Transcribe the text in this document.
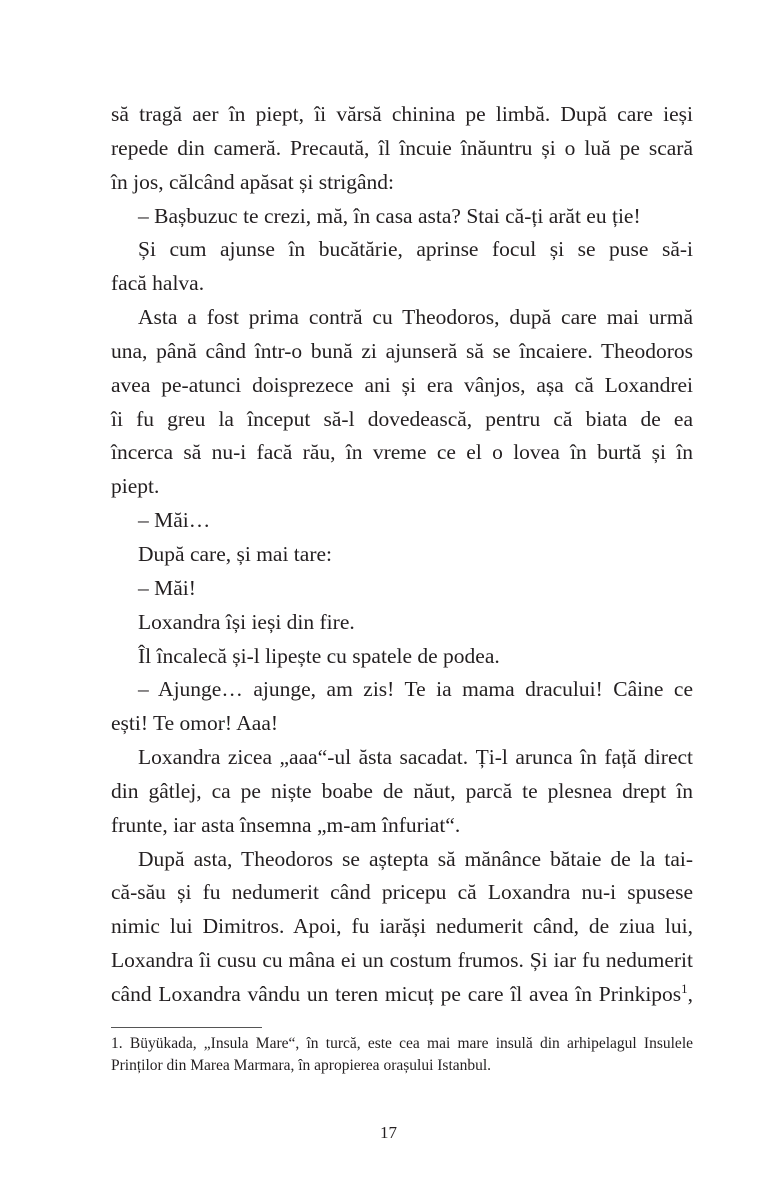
să tragă aer în piept, îi vărsă chinina pe limbă. După care ieși
repede din cameră. Precaută, îl încuie înăuntru și o luă pe scară
în jos, călcând apăsat și strigând:
– Bașbuzuc te crezi, mă, în casa asta? Stai că-ți arăt eu ție!
Și cum ajunse în bucătărie, aprinse focul și se puse să-i
facă halva.
Asta a fost prima contră cu Theodoros, după care mai urmă
una, până când într-o bună zi ajunseră să se încaiere. Theodoros
avea pe-atunci doisprezece ani și era vânjos, așa că Loxandrei
îi fu greu la început să-l dovedească, pentru că biata de ea
încerca să nu-i facă rău, în vreme ce el o lovea în burtă și în
piept.
– Măi…
După care, și mai tare:
– Măi!
Loxandra își ieși din fire.
Îl încalecă și-l lipește cu spatele de podea.
– Ajunge… ajunge, am zis! Te ia mama dracului! Câine ce
ești! Te omor! Aaa!
Loxandra zicea „aaa“-ul ăsta sacadat. Ți-l arunca în față direct
din gâtlej, ca pe niște boabe de năut, parcă te plesnea drept în
frunte, iar asta însemna „m-am înfuriat“.
După asta, Theodoros se aștepta să mănânce bătaie de la tai-
că-său și fu nedumerit când pricepu că Loxandra nu-i spusese
nimic lui Dimitros. Apoi, fu iarăși nedumerit când, de ziua lui,
Loxandra îi cusu cu mâna ei un costum frumos. Și iar fu nedumerit
când Loxandra vându un teren micuț pe care îl avea în Prinkipos$^1$,
1. Büyükada, „Insula Mare“, în turcă, este cea mai mare insulă din arhipelagul Insulele
Prinților din Marea Marmara, în apropierea orașului Istanbul.
17
